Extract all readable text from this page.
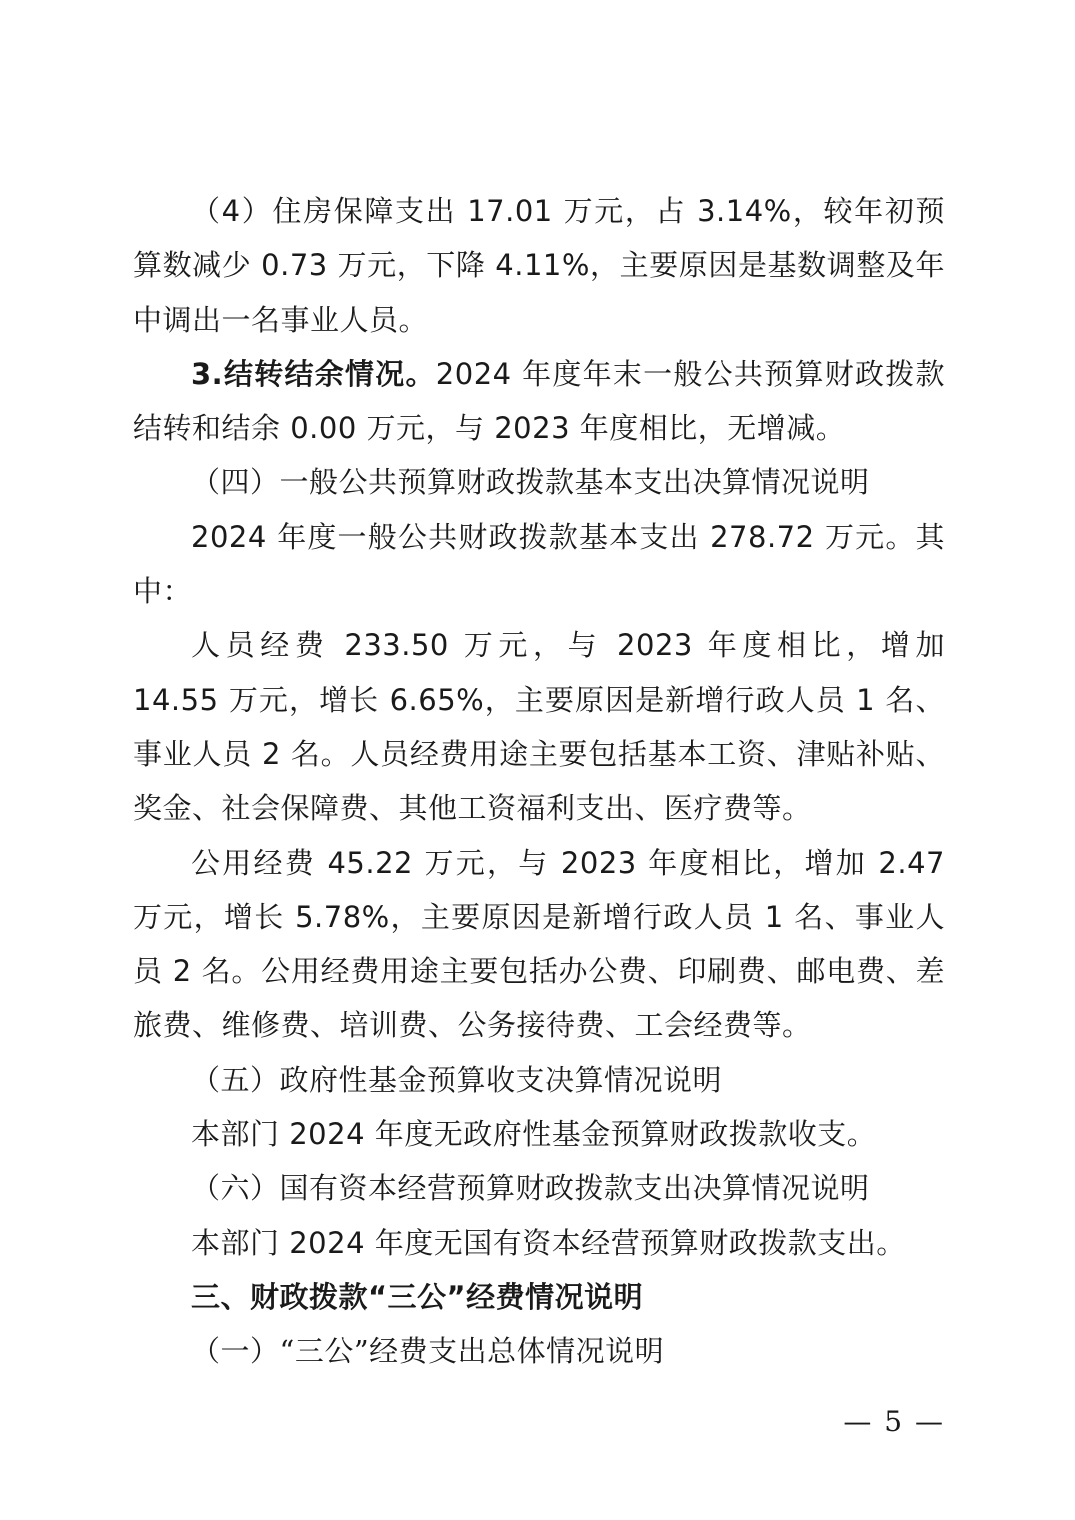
（4）住房保障支出 17.01 万元，占 3.14%，较年初预算数减少 0.73 万元，下降 4.11%，主要原因是基数调整及年中调出一名事业人员。

3.结转结余情况。2024 年度年末一般公共预算财政拨款结转和结余 0.00 万元，与 2023 年度相比，无增减。

（四）一般公共预算财政拨款基本支出决算情况说明

2024 年度一般公共财政拨款基本支出 278.72 万元。其中：

人员经费 233.50 万元，与 2023 年度相比，增加 14.55 万元，增长 6.65%，主要原因是新增行政人员 1 名、事业人员 2 名。人员经费用途主要包括基本工资、津贴补贴、奖金、社会保障费、其他工资福利支出、医疗费等。

公用经费 45.22 万元，与 2023 年度相比，增加 2.47 万元，增长 5.78%，主要原因是新增行政人员 1 名、事业人员 2 名。公用经费用途主要包括办公费、印刷费、邮电费、差旅费、维修费、培训费、公务接待费、工会经费等。

（五）政府性基金预算收支决算情况说明

本部门 2024 年度无政府性基金预算财政拨款收支。

（六）国有资本经营预算财政拨款支出决算情况说明

本部门 2024 年度无国有资本经营预算财政拨款支出。

三、财政拨款“三公”经费情况说明

（一）“三公”经费支出总体情况说明

— 5 —
